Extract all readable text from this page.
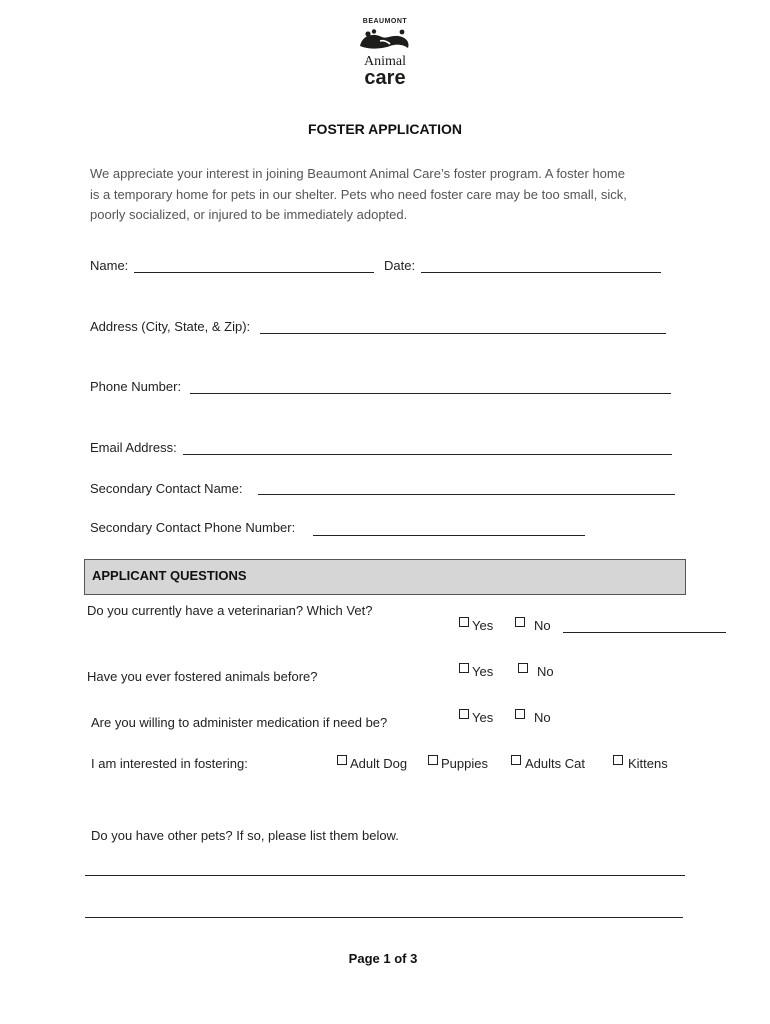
BEAUMONT
Animal
care
FOSTER APPLICATION
We appreciate your interest in joining Beaumont Animal Care’s foster program. A foster home
is a temporary home for pets in our shelter. Pets who need foster care may be too small, sick,
poorly socialized, or injured to be immediately adopted.
Name:	Date:
Address (City, State, & Zip):
Phone Number:
Email Address:
Secondary Contact Name:
Secondary Contact Phone Number:
APPLICANT QUESTIONS
Do you currently have a veterinarian? Which Vet?
Yes	No
Have you ever fostered animals before?	Yes	No
Are you willing to administer medication if need be?	Yes	No
I am interested in fostering:	Adult Dog	Puppies	Adults Cat	Kittens
Do you have other pets? If so, please list them below.
Page 1 of 3
